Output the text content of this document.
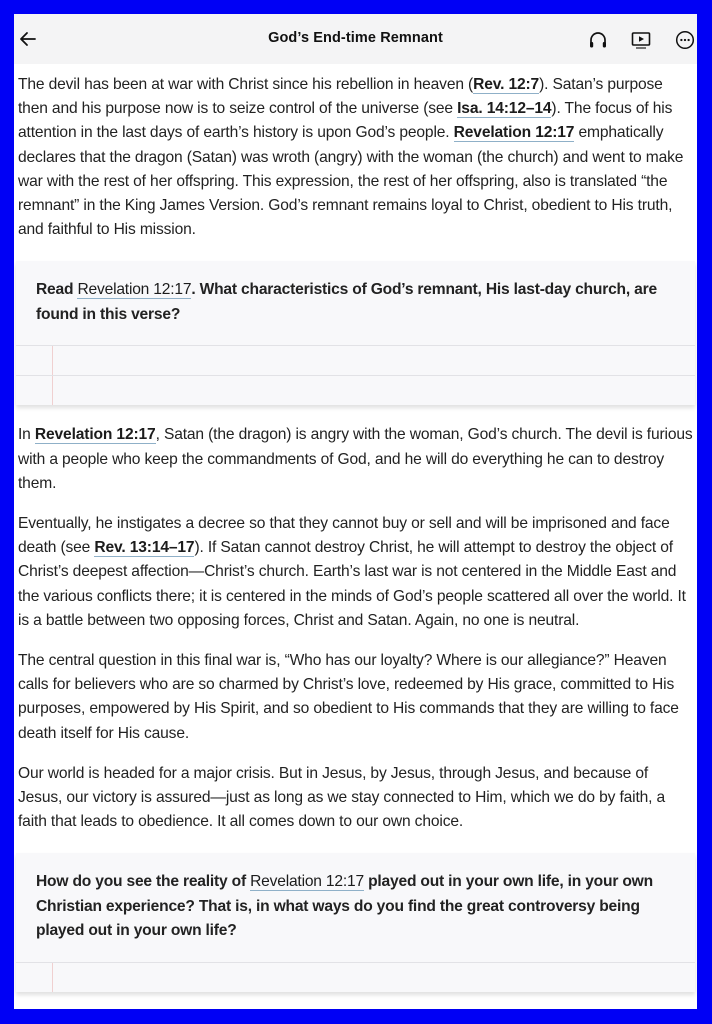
God’s End-time Remnant

The devil has been at war with Christ since his rebellion in heaven (Rev. 12:7). Satan’s purpose then and his purpose now is to seize control of the universe (see Isa. 14:12–14). The focus of his attention in the last days of earth’s history is upon God’s people. Revelation 12:17 emphatically declares that the dragon (Satan) was wroth (angry) with the woman (the church) and went to make war with the rest of her offspring. This expression, the rest of her offspring, also is translated “the remnant” in the King James Version. God’s remnant remains loyal to Christ, obedient to His truth, and faithful to His mission.

Read Revelation 12:17. What characteristics of God’s remnant, His last-day church, are found in this verse?

In Revelation 12:17, Satan (the dragon) is angry with the woman, God’s church. The devil is furious with a people who keep the commandments of God, and he will do everything he can to destroy them.

Eventually, he instigates a decree so that they cannot buy or sell and will be imprisoned and face death (see Rev. 13:14–17). If Satan cannot destroy Christ, he will attempt to destroy the object of Christ’s deepest affection—Christ’s church. Earth’s last war is not centered in the Middle East and the various conflicts there; it is centered in the minds of God’s people scattered all over the world. It is a battle between two opposing forces, Christ and Satan. Again, no one is neutral.

The central question in this final war is, “Who has our loyalty? Where is our allegiance?” Heaven calls for believers who are so charmed by Christ’s love, redeemed by His grace, committed to His purposes, empowered by His Spirit, and so obedient to His commands that they are willing to face death itself for His cause.

Our world is headed for a major crisis. But in Jesus, by Jesus, through Jesus, and because of Jesus, our victory is assured—just as long as we stay connected to Him, which we do by faith, a faith that leads to obedience. It all comes down to our own choice.

How do you see the reality of Revelation 12:17 played out in your own life, in your own Christian experience? That is, in what ways do you find the great controversy being played out in your own life?
